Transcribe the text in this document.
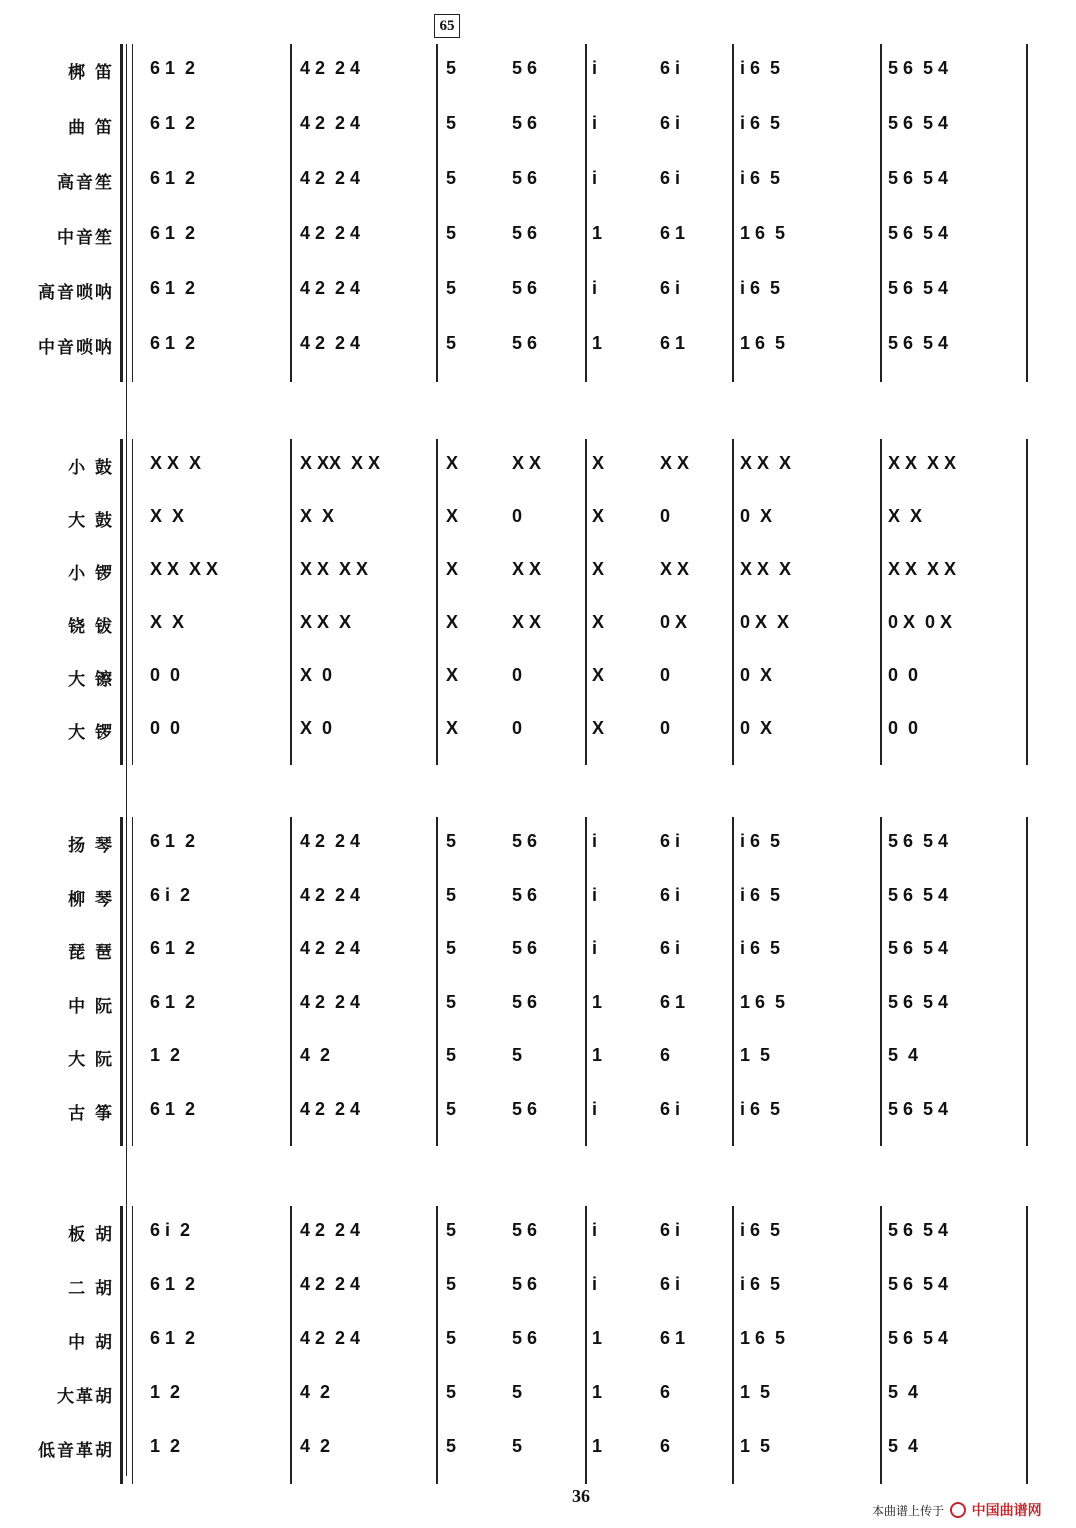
65
梆 笛 6 1  2	4 2  2 4	5	5 6	i	6 i	i 6  5	5 6  5 4
曲 笛 6 1  2	4 2  2 4	5	5 6	i	6 i	i 6  5	5 6  5 4
高音笙 6 1  2	4 2  2 4	5	5 6	i	6 i	i 6  5	5 6  5 4
中音笙 6 1  2	4 2  2 4	5	5 6	1	6 1	1 6  5	5 6  5 4
高音唢呐 6 1  2	4 2  2 4	5	5 6	i	6 i	i 6  5	5 6  5 4
中音唢呐 6 1  2	4 2  2 4	5	5 6	1	6 1	1 6  5	5 6  5 4
小 鼓 X X  X	X XX  X X	X	X X	X	X X	X X  X	X X  X X
大 鼓 X  X	X  X	X	0	X	0	0  X	X  X
小 锣 X X  X X	X X  X X	X	X X	X	X X	X X  X	X X  X X
铙 钹 X  X	X X  X	X	X X	X	0 X	0 X  X	0 X  0 X
大 镲 0  0	X  0	X	0	X	0	0  X	0  0
大 锣 0  0	X  0	X	0	X	0	0  X	0  0
扬 琴 6 1  2	4 2  2 4	5	5 6	i	6 i	i 6  5	5 6  5 4
柳 琴 6 i  2	4 2  2 4	5	5 6	i	6 i	i 6  5	5 6  5 4
琵 琶 6 1  2	4 2  2 4	5	5 6	i	6 i	i 6  5	5 6  5 4
中 阮 6 1  2	4 2  2 4	5	5 6	1	6 1	1 6  5	5 6  5 4
大 阮 1  2	4  2	5	5	1	6	1  5	5  4
古 筝 6 1  2	4 2  2 4	5	5 6	i	6 i	i 6  5	5 6  5 4
板 胡 6 i  2	4 2  2 4	5	5 6	i	6 i	i 6  5	5 6  5 4
二 胡 6 1  2	4 2  2 4	5	5 6	i	6 i	i 6  5	5 6  5 4
中 胡 6 1  2	4 2  2 4	5	5 6	1	6 1	1 6  5	5 6  5 4
大革胡 1  2	4  2	5	5	1	6	1  5	5  4
低音革胡 1  2	4  2	5	5	1	6	1  5	5  4
36
本曲谱上传于 中国曲谱网
